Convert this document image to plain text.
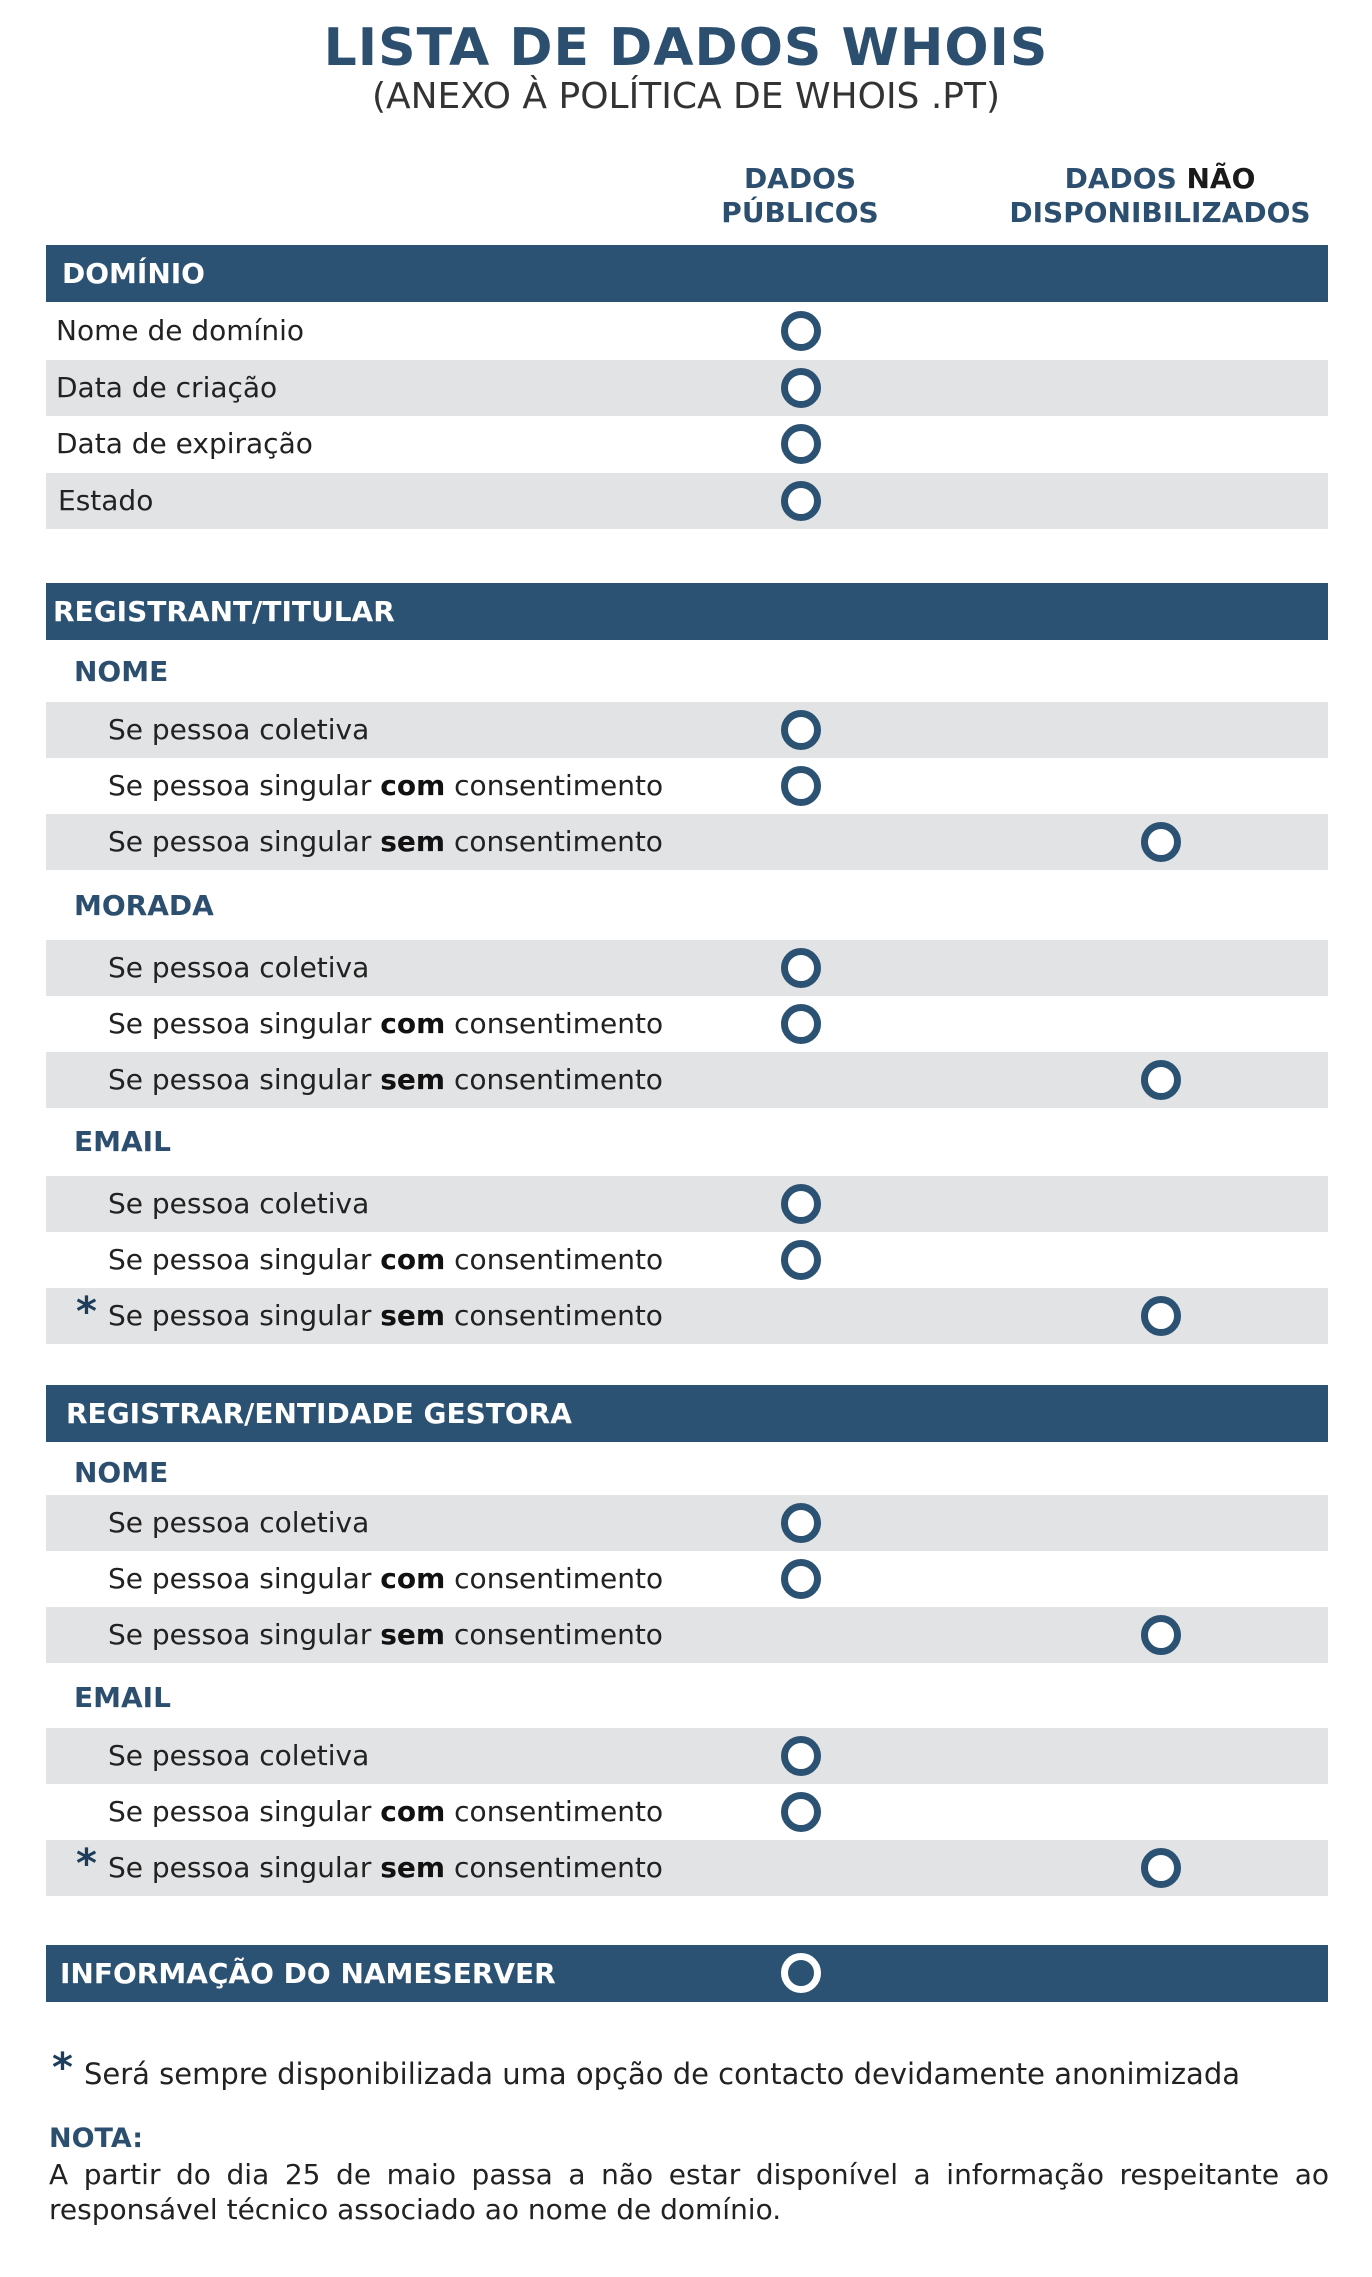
LISTA DE DADOS WHOIS
(ANEXO À POLÍTICA DE WHOIS .PT)
DADOS
PÚBLICOS
DADOS NÃO
DISPONIBILIZADOS
DOMÍNIO
Nome de domínio
Data de criação
Data de expiração
Estado
REGISTRANT/TITULAR
NOME
Se pessoa coletiva
Se pessoa singular com consentimento
Se pessoa singular sem consentimento
MORADA
Se pessoa coletiva
Se pessoa singular com consentimento
Se pessoa singular sem consentimento
EMAIL
Se pessoa coletiva
Se pessoa singular com consentimento
* Se pessoa singular sem consentimento
REGISTRAR/ENTIDADE GESTORA
NOME
Se pessoa coletiva
Se pessoa singular com consentimento
Se pessoa singular sem consentimento
EMAIL
Se pessoa coletiva
Se pessoa singular com consentimento
* Se pessoa singular sem consentimento
INFORMAÇÃO DO NAMESERVER
* Será sempre disponibilizada uma opção de contacto devidamente anonimizada
NOTA:
A partir do dia 25 de maio passa a não estar disponível a informação respeitante ao responsável técnico associado ao nome de domínio.
